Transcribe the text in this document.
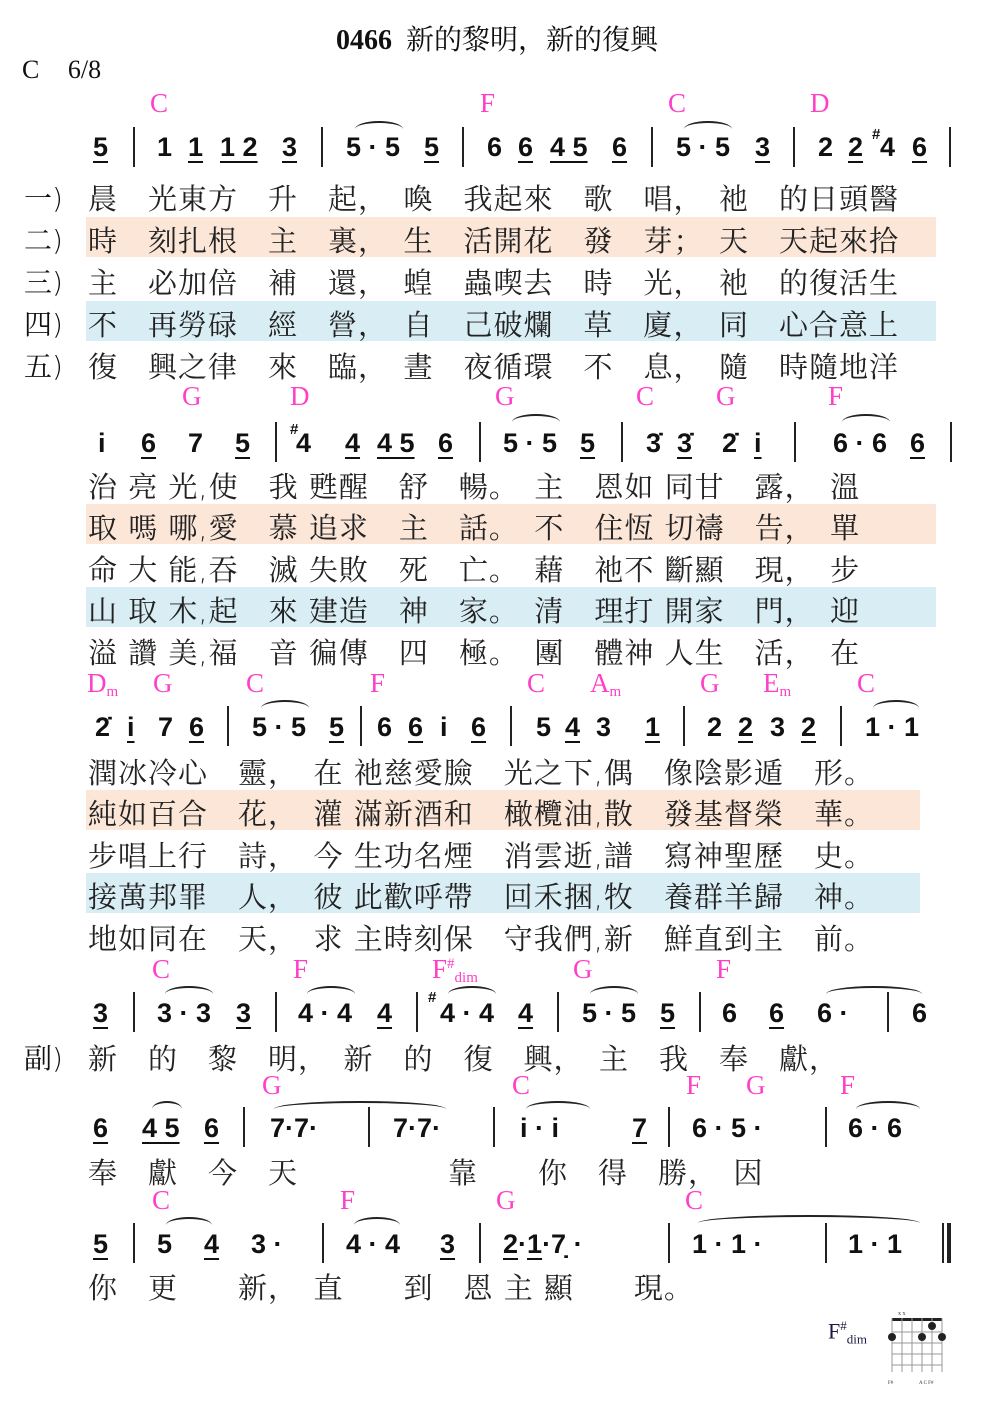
0466 新的黎明，新的復興
C 6/8
C	F	C	D
5 1 1 1 2 3 5 · 5 5 6 6 4 5 6 5 · 5 3 2 2 # 4 6
一)
二)
三)
四)
五)
晨　光東方　升　起，　喚　我起來　歌　唱，　祂　的日頭醫
時　刻扎根　主　裏，　生　活開花　發　芽；　天　天起來拾
主　必加倍　補　還，　蝗　蟲喫去　時　光，　祂　的復活生
不　再勞碌　經　營，　自　己破爛　草　廈，　同　心合意上
復　興之律　來　臨，　晝　夜循環　不　息，　隨　時隨地洋
G	D	G	C G	F
i 6 7 5	#
4 4 4 5 6 5 · 5 5 3̇ 3̇ 2̇ i	6 · 6 6
治 亮 光,使　我 甦醒　舒　暢。　主　恩如 同甘　露，　溫
取 嗎 哪,愛　慕 追求　主　話。　不　住恆 切禱　告，　單
命 大 能,吞　滅 失敗　死　亡。　藉　祂不 斷顯　現，　步
山 取 木,起　來 建造　神　家。　清　理打 開家　門，　迎
溢 讚 美,福　音 徧傳　四　極。　團　體神 人生　活，　在
$D_m$ G	C	F	C $A_m$	G $E_m$ C
2̇ i 7 6 5 · 5 5 6 6 i 6 5 4 3 1 2 2 3 2 1 · 1
潤冰冷心　靈，　在 祂慈愛臉　光之下,偶　像陰影遁　形。
純如百合　花，　灌 滿新酒和　橄欖油,散　發基督榮　華。
步唱上行　詩，　今 生功名煙　消雲逝,譜　寫神聖歷　史。
接萬邦罪　人，　彼 此歡呼帶　回禾捆,牧　養群羊歸　神。
地如同在　天，　求 主時刻保　守我們,新　鮮直到主　前。
C	F	$F^{\#}_{dim}$	G	F
3 3 · 3 3 4 · 4 4
#
4 · 4 4 5 · 5 5 6 6 6 · 6
副) 新　的　黎　明，　新　的　復　興，　主　我　奉　獻，
G	C	F G	F
6 4 5 6 7·7·	7·7·	i · i	7 6 · 5 ·	6 · 6
奉　獻　今　天　　　　　靠　　你　得　勝，　因
C	F	G	C
5 5 4 3 · 4 · 4 3 2·1·7̣ ·	1 · 1 ·	1 · 1
你　更　　新，　直　　到　恩 主 顯　　現。
$F^{\#}_{dim}$
x x
F#	A C F#
